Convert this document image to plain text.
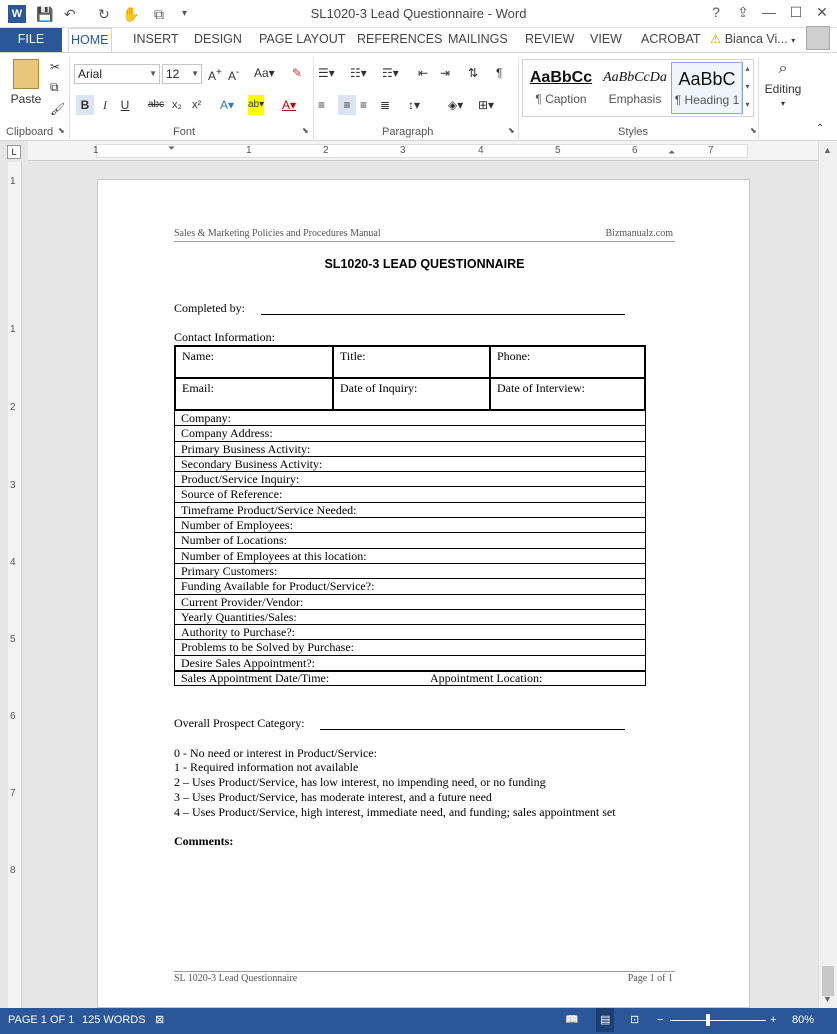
W 💾 ↶ ↻ ✋ ⧉ ▾	SL1020-3 Lead Questionnaire - Word	?	⇪ — ☐ ✕
FILE	HOME INSERT DESIGN PAGE LAYOUT REFERENCES MAILINGS REVIEW VIEW ACROBAT ⚠ Bianca Vi... ▾
Paste
✂
⧉
🖌
Clipboard ⬊
Arial	▼ 12 ▼ A+ A- Aa▾ ✎
B	I	U abc x₂ x² A▾ ab▾ A▾
Font	⬊
☰▾ ☷▾ ☶▾ ⇤ ⇥ ⇅ ¶
≡	≡ ≡ ≣ ↕▾ ◈▾ ⊞▾
Paragraph	⬊
AaBbCc
¶ Caption
AaBbCcDa
Emphasis
AaBbC
¶ Heading 1
▴
▾
▾
Styles	⬊
⌕
Editing
▾
⌃
L	1	1	2	3	4	5	6	7
⏷	⏶
1
1
2
3
4
5
6
7
8
▲
▼
Sales & Marketing Policies and Procedures Manual	Bizmanualz.com
SL1020-3 LEAD QUESTIONNAIRE
Completed by:
Contact Information:
Name:	Title:	Phone:
Email:	Date of Inquiry:	Date of Interview:
Company:
Company Address:
Primary Business Activity:
Secondary Business Activity:
Product/Service Inquiry:
Source of Reference:
Timeframe Product/Service Needed:
Number of Employees:
Number of Locations:
Number of Employees at this location:
Primary Customers:
Funding Available for Product/Service?:
Current Provider/Vendor:
Yearly Quantities/Sales:
Authority to Purchase?:
Problems to be Solved by Purchase:
Desire Sales Appointment?:
Sales Appointment Date/Time:	Appointment Location:
Overall Prospect Category:
0 - No need or interest in Product/Service:
1 - Required information not available
2 – Uses Product/Service, has low interest, no impending need, or no funding
3 – Uses Product/Service, has moderate interest, and a future need
4 – Uses Product/Service, high interest, immediate need, and funding; sales appointment set
Comments:
SL 1020-3 Lead Questionnaire	Page 1 of 1
PAGE 1 OF 1 125 WORDS ⊠	📖	▤	⊡ −	+ 80%
